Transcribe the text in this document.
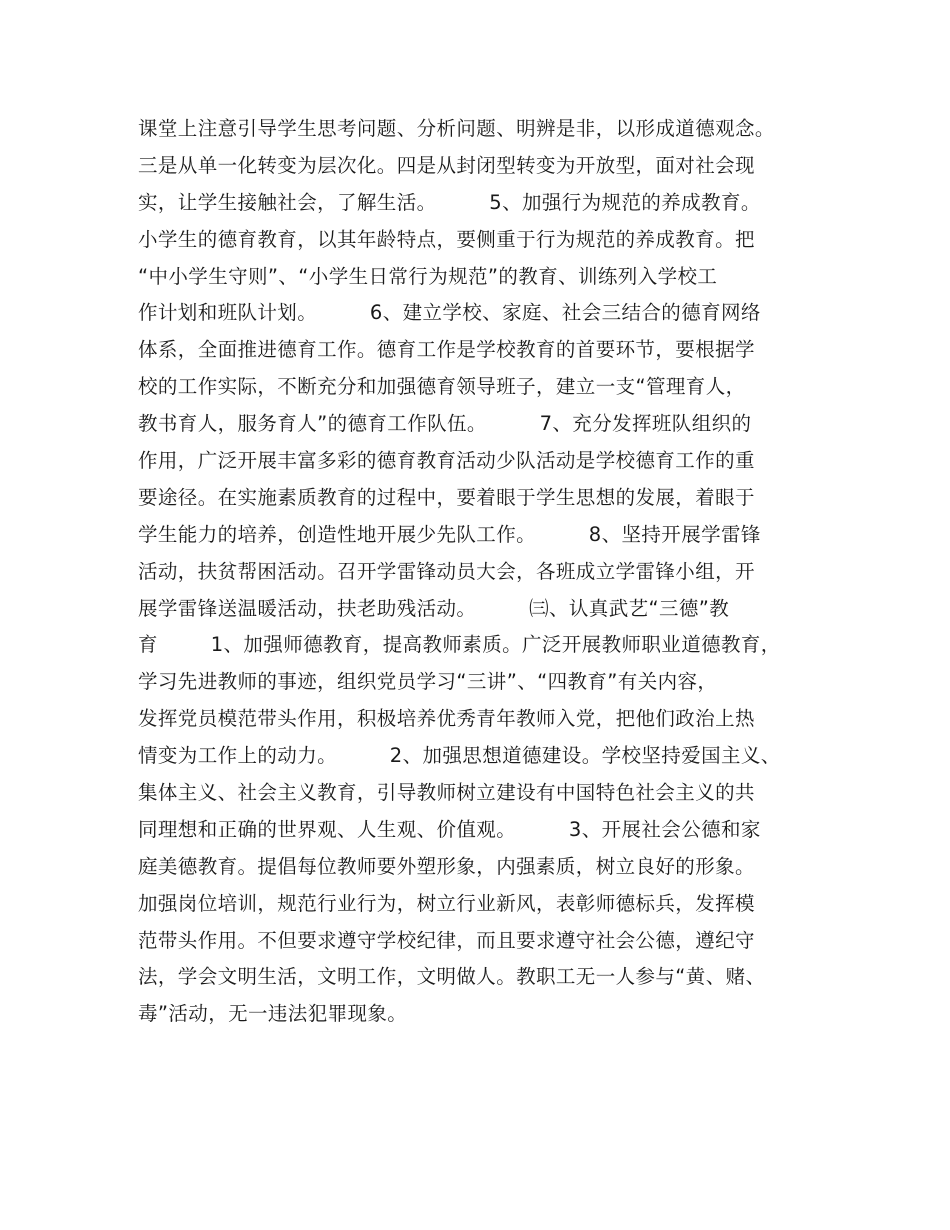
课堂上注意引导学生思考问题、分析问题、明辨是非，以形成道德观念。
三是从单一化转变为层次化。四是从封闭型转变为开放型，面对社会现
实，让学生接触社会，了解生活。        5、加强行为规范的养成教育。
小学生的德育教育，以其年龄特点，要侧重于行为规范的养成教育。把
“中小学生守则”、“小学生日常行为规范”的教育、训练列入学校工
作计划和班队计划。        6、建立学校、家庭、社会三结合的德育网络
体系，全面推进德育工作。德育工作是学校教育的首要环节，要根据学
校的工作实际，不断充分和加强德育领导班子，建立一支“管理育人，
教书育人，服务育人”的德育工作队伍。        7、充分发挥班队组织的
作用，广泛开展丰富多彩的德育教育活动少队活动是学校德育工作的重
要途径。在实施素质教育的过程中，要着眼于学生思想的发展，着眼于
学生能力的培养，创造性地开展少先队工作。        8、坚持开展学雷锋
活动，扶贫帮困活动。召开学雷锋动员大会，各班成立学雷锋小组，开
展学雷锋送温暖活动，扶老助残活动。        ㈢、认真武艺“三德”教
育        1、加强师德教育，提高教师素质。广泛开展教师职业道德教育，
学习先进教师的事迹，组织党员学习“三讲”、“四教育”有关内容，
发挥党员模范带头作用，积极培养优秀青年教师入党，把他们政治上热
情变为工作上的动力。        2、加强思想道德建设。学校坚持爱国主义、
集体主义、社会主义教育，引导教师树立建设有中国特色社会主义的共
同理想和正确的世界观、人生观、价值观。        3、开展社会公德和家
庭美德教育。提倡每位教师要外塑形象，内强素质，树立良好的形象。
加强岗位培训，规范行业行为，树立行业新风，表彰师德标兵，发挥模
范带头作用。不但要求遵守学校纪律，而且要求遵守社会公德，遵纪守
法，学会文明生活，文明工作，文明做人。教职工无一人参与“黄、赌、
毒”活动，无一违法犯罪现象。
